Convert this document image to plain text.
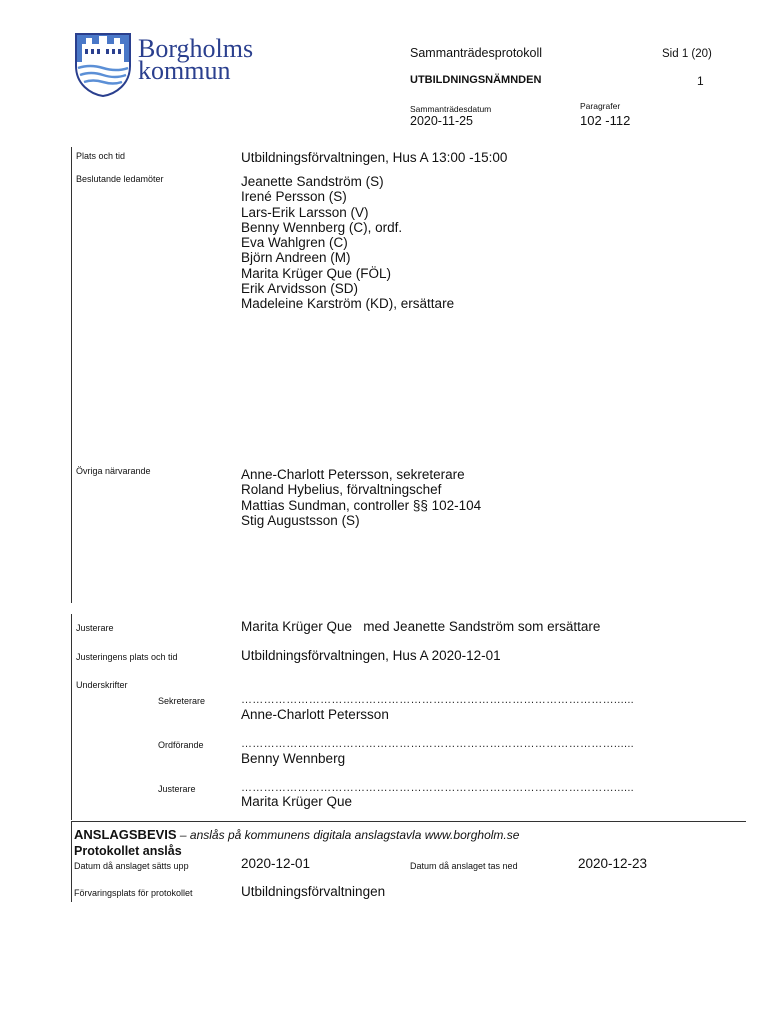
Borgholms
kommun
Sammanträdesprotokoll	Sid 1 (20)
UTBILDNINGSNÄMNDEN	1
Sammanträdesdatum
2020-11-25
Paragrafer
102 -112
Plats och tid	Utbildningsförvaltningen, Hus A 13:00 -15:00
Beslutande ledamöter	Jeanette Sandström (S)
Irené Persson (S)
Lars-Erik Larsson (V)
Benny Wennberg (C), ordf.
Eva Wahlgren (C)
Björn Andreen (M)
Marita Krüger Que (FÖL)
Erik Arvidsson (SD)
Madeleine Karström (KD), ersättare
Övriga närvarande	Anne-Charlott Petersson, sekreterare
Roland Hybelius, förvaltningschef
Mattias Sundman, controller §§ 102-104
Stig Augustsson (S)
Justerare	Marita Krüger Que   med Jeanette Sandström som ersättare
Justeringens plats och tid	Utbildningsförvaltningen, Hus A 2020-12-01
Underskrifter
Sekreterare	………………………………………………………………………………………......
Anne-Charlott Petersson
Ordförande	………………………………………………………………………………………......
Benny Wennberg
Justerare	………………………………………………………………………………………......
Marita Krüger Que
ANSLAGSBEVIS – anslås på kommunens digitala anslagstavla www.borgholm.se
Protokollet anslås
Datum då anslaget sätts upp	2020-12-01	Datum då anslaget tas ned	2020-12-23
Förvaringsplats för protokollet	Utbildningsförvaltningen
